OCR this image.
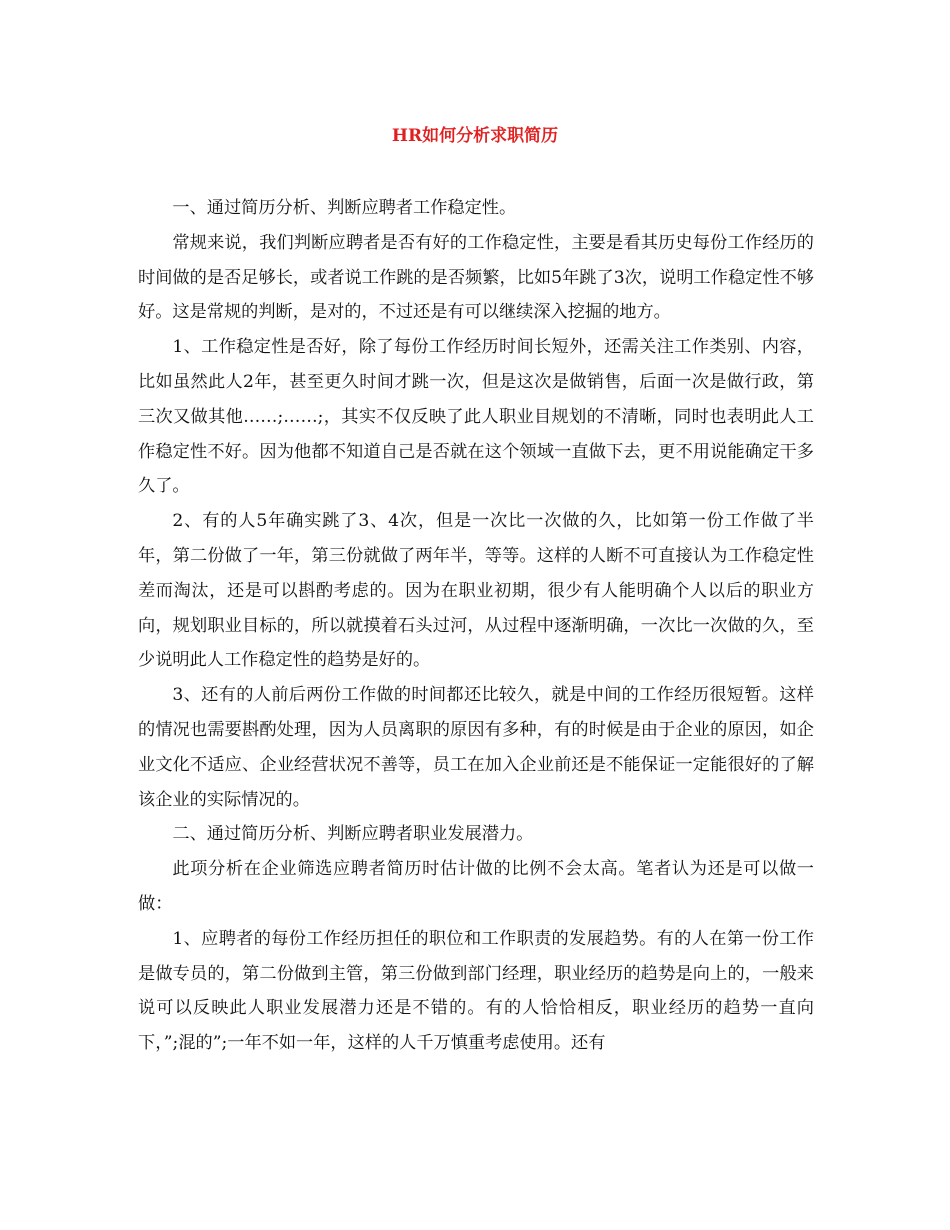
HR如何分析求职简历

一、通过简历分析、判断应聘者工作稳定性。

常规来说，我们判断应聘者是否有好的工作稳定性，主要是看其历史每份工作经历的时间做的是否足够长，或者说工作跳的是否频繁，比如5年跳了3次，说明工作稳定性不够好。这是常规的判断，是对的，不过还是有可以继续深入挖掘的地方。

1、工作稳定性是否好，除了每份工作经历时间长短外，还需关注工作类别、内容，比如虽然此人2年，甚至更久时间才跳一次，但是这次是做销售，后面一次是做行政，第三次又做其他……;……;，其实不仅反映了此人职业目规划的不清晰，同时也表明此人工作稳定性不好。因为他都不知道自己是否就在这个领域一直做下去，更不用说能确定干多久了。

2、有的人5年确实跳了3、4次，但是一次比一次做的久，比如第一份工作做了半年，第二份做了一年，第三份就做了两年半，等等。这样的人断不可直接认为工作稳定性差而淘汰，还是可以斟酌考虑的。因为在职业初期，很少有人能明确个人以后的职业方向，规划职业目标的，所以就摸着石头过河，从过程中逐渐明确，一次比一次做的久，至少说明此人工作稳定性的趋势是好的。

3、还有的人前后两份工作做的时间都还比较久，就是中间的工作经历很短暂。这样的情况也需要斟酌处理，因为人员离职的原因有多种，有的时候是由于企业的原因，如企业文化不适应、企业经营状况不善等，员工在加入企业前还是不能保证一定能很好的了解该企业的实际情况的。

二、通过简历分析、判断应聘者职业发展潜力。

此项分析在企业筛选应聘者简历时估计做的比例不会太高。笔者认为还是可以做一做：

1、应聘者的每份工作经历担任的职位和工作职责的发展趋势。有的人在第一份工作是做专员的，第二份做到主管，第三份做到部门经理，职业经历的趋势是向上的，一般来说可以反映此人职业发展潜力还是不错的。有的人恰恰相反，职业经历的趋势一直向下，”;混的”;一年不如一年，这样的人千万慎重考虑使用。还有
